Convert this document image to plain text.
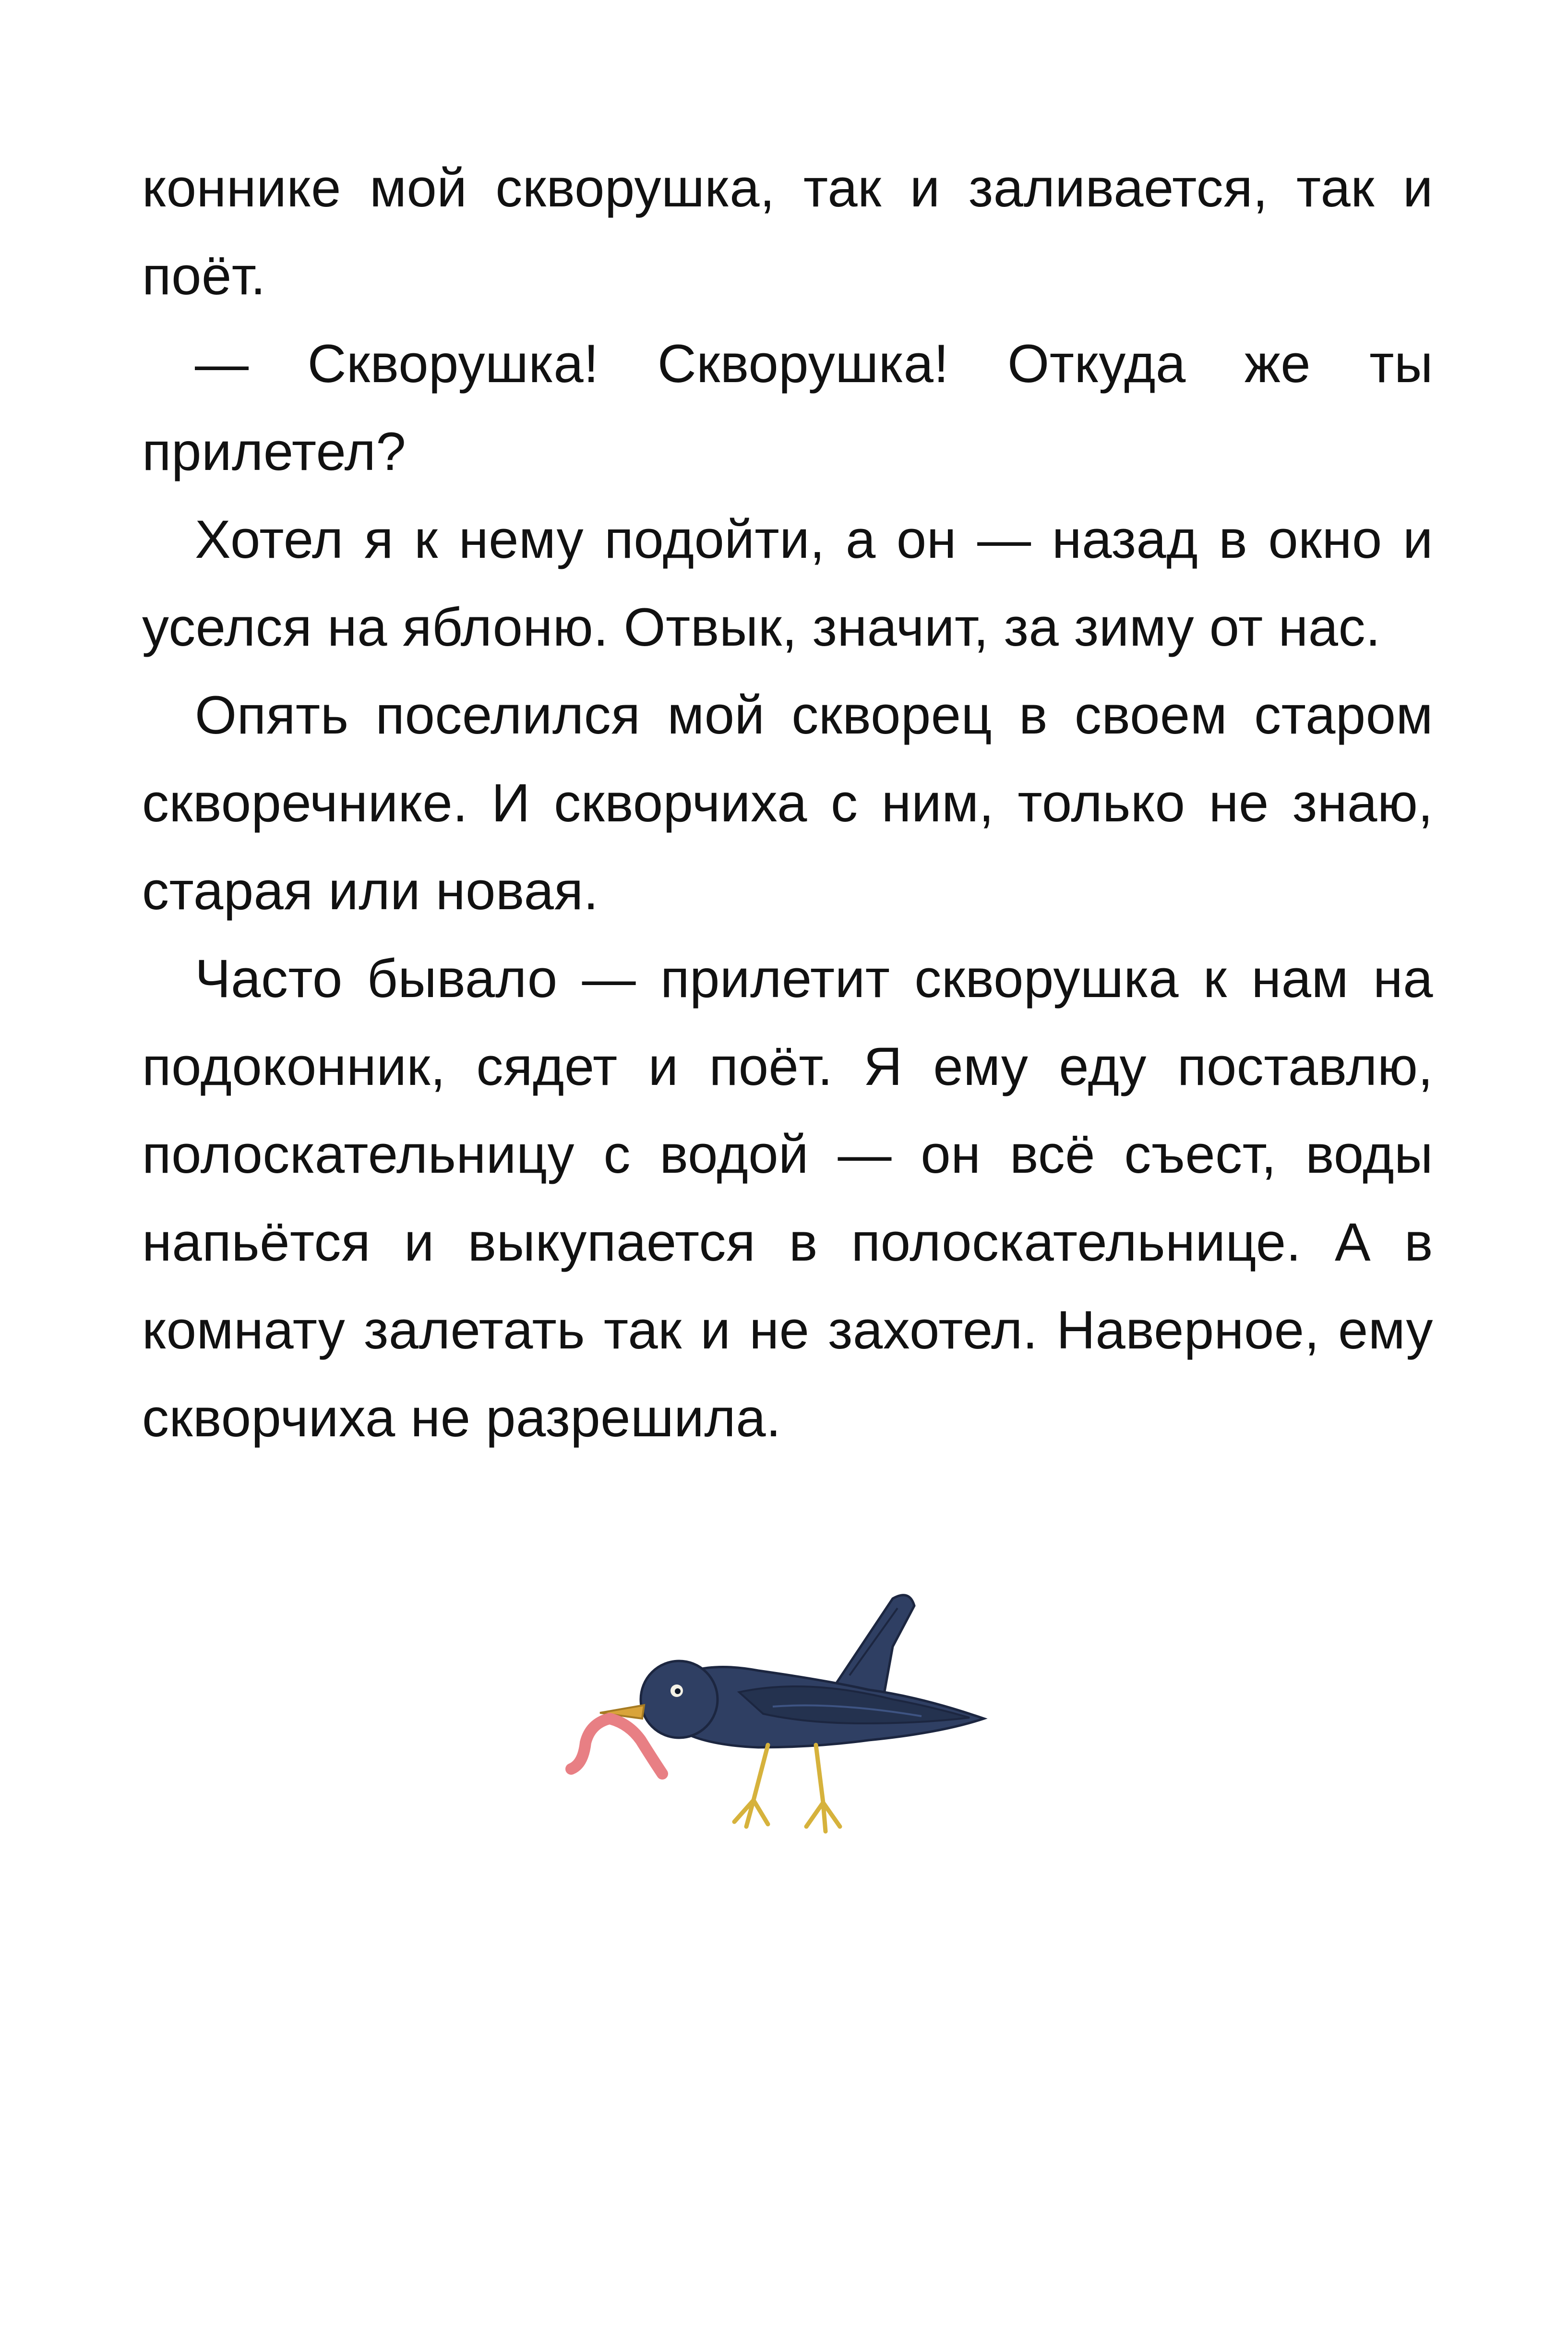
коннике мой скворушка, так и заливается, так и поёт.

— Скворушка! Скворушка! Откуда же ты прилетел?

Хотел я к нему подойти, а он — назад в окно и уселся на яблоню. Отвык, значит, за зиму от нас.

Опять поселился мой скворец в своем старом скворечнике. И скворчиха с ним, только не знаю, старая или новая.

Часто бывало — прилетит скворушка к нам на подоконник, сядет и поёт. Я ему еду поставлю, полоскательницу с водой — он всё съест, воды напьётся и выкупается в полоскательнице. А в комнату залетать так и не захотел. Наверное, ему скворчиха не разрешила.
